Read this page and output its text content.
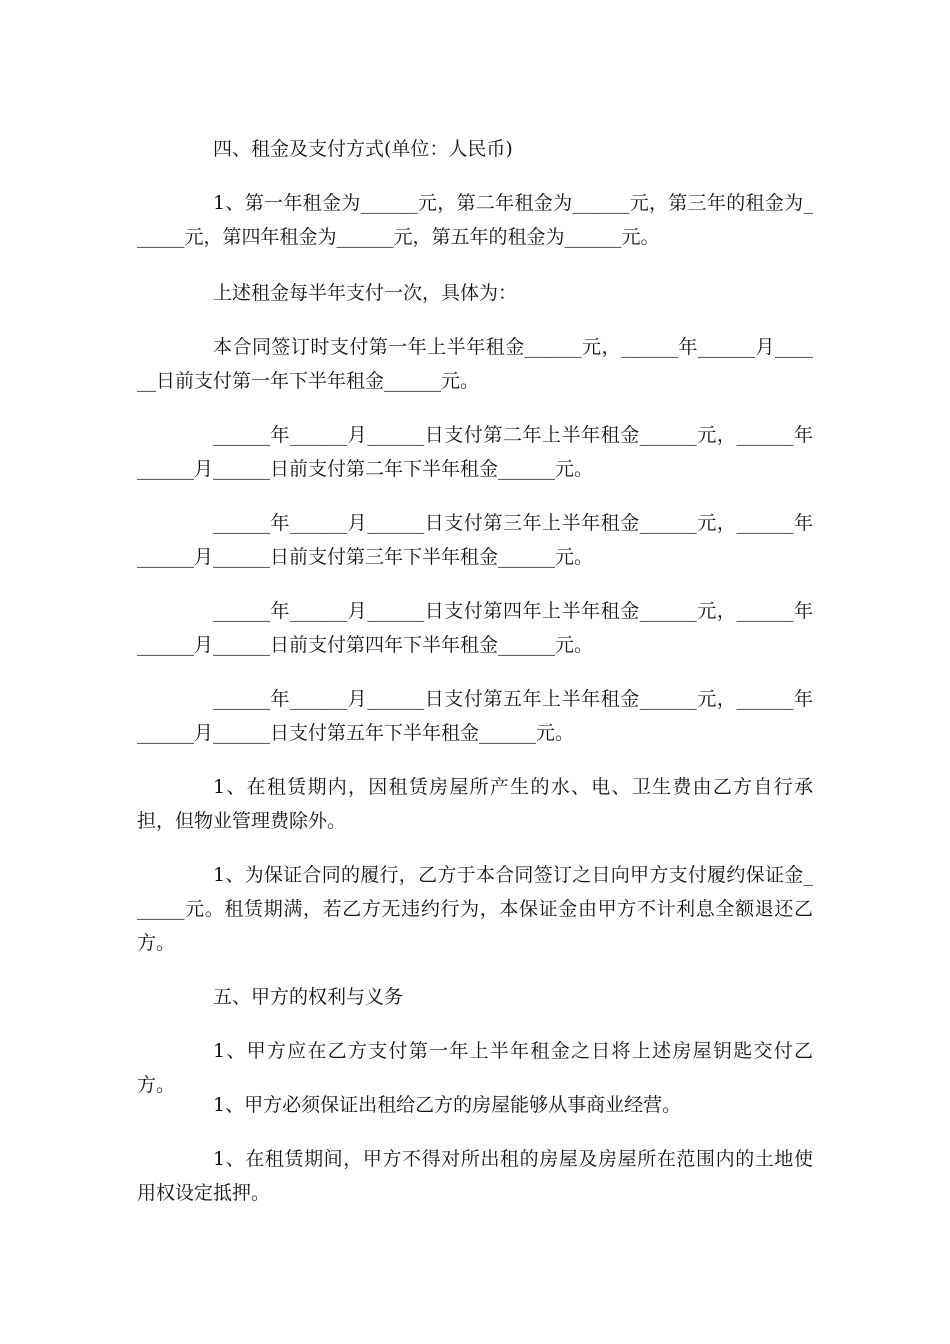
四、租金及支付方式(单位：人民币)

1、第一年租金为______元，第二年租金为______元，第三年的租金为_ _____元，第四年租金为______元，第五年的租金为______元。

上述租金每半年支付一次，具体为：

本合同签订时支付第一年上半年租金______元，______年______月____ __日前支付第一年下半年租金______元。

______年______月______日支付第二年上半年租金______元，______年 ______月______日前支付第二年下半年租金______元。

______年______月______日支付第三年上半年租金______元，______年 ______月______日前支付第三年下半年租金______元。

______年______月______日支付第四年上半年租金______元，______年 ______月______日前支付第四年下半年租金______元。

______年______月______日支付第五年上半年租金______元，______年 ______月______日支付第五年下半年租金______元。

1、在租赁期内，因租赁房屋所产生的水、电、卫生费由乙方自行承担，但物业管理费除外。

1、为保证合同的履行，乙方于本合同签订之日向甲方支付履约保证金_ _____元。租赁期满，若乙方无违约行为，本保证金由甲方不计利息全额退还乙方。

五、甲方的权利与义务

1、甲方应在乙方支付第一年上半年租金之日将上述房屋钥匙交付乙方。

1、甲方必须保证出租给乙方的房屋能够从事商业经营。

1、在租赁期间，甲方不得对所出租的房屋及房屋所在范围内的土地使用权设定抵押。
